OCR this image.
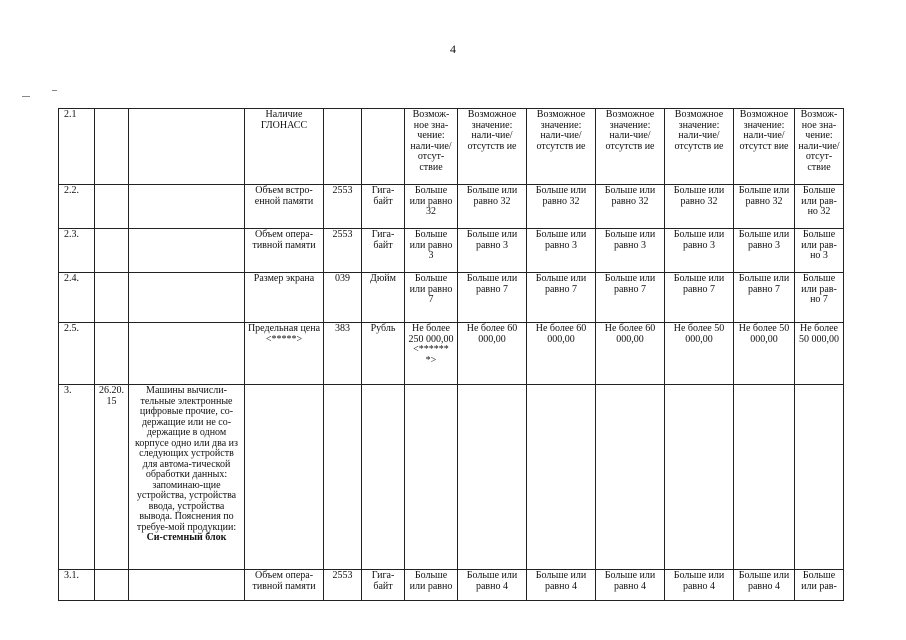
4
2.1			Наличие ГЛОНАСС			Возмож-ное зна-чение: нали-чие/отсут-ствие	Возможное значение: нали-чие/отсутств ие	Возможное значение: нали-чие/отсутств ие	Возможное значение: нали-чие/отсутств ие	Возможное значение: нали-чие/отсутств ие	Возможное значение: нали-чие/отсутст вие	Возмож-ное зна-чение: нали-чие/отсут-ствие
2.2.			Объем встро-енной памяти	2553	Гига-байт	Больше или равно 32	Больше или равно 32	Больше или равно 32	Больше или равно 32	Больше или равно 32	Больше или равно 32	Больше или рав-но 32
2.3.			Объем опера-тивной памяти	2553	Гига-байт	Больше или равно 3	Больше или равно 3	Больше или равно 3	Больше или равно 3	Больше или равно 3	Больше или равно 3	Больше или рав-но 3
2.4.			Размер экрана	039	Дюйм	Больше или равно 7	Больше или равно 7	Больше или равно 7	Больше или равно 7	Больше или равно 7	Больше или равно 7	Больше или рав-но 7
2.5.			Предельная цена <*****>	383	Рубль	Не более 250 000,00 <****** *>	Не более 60 000,00	Не более 60 000,00	Не более 60 000,00	Не более 50 000,00	Не более 50 000,00	Не более 50 000,00
3.	26.20. 15	Машины вычисли-тельные электронные цифровые прочие, со-держащие или не со-держащие в одном корпусе одно или два из следующих устройств для автома-тической обработки данных: запоминаю-щие устройства, устройства ввода, устройства вывода. Пояснения по требуе-мой продукции: Си-стемный блок										
3.1.			Объем опера-тивной памяти	2553	Гига-байт	Больше или равно	Больше или равно 4	Больше или равно 4	Больше или равно 4	Больше или равно 4	Больше или равно 4	Больше или рав-
